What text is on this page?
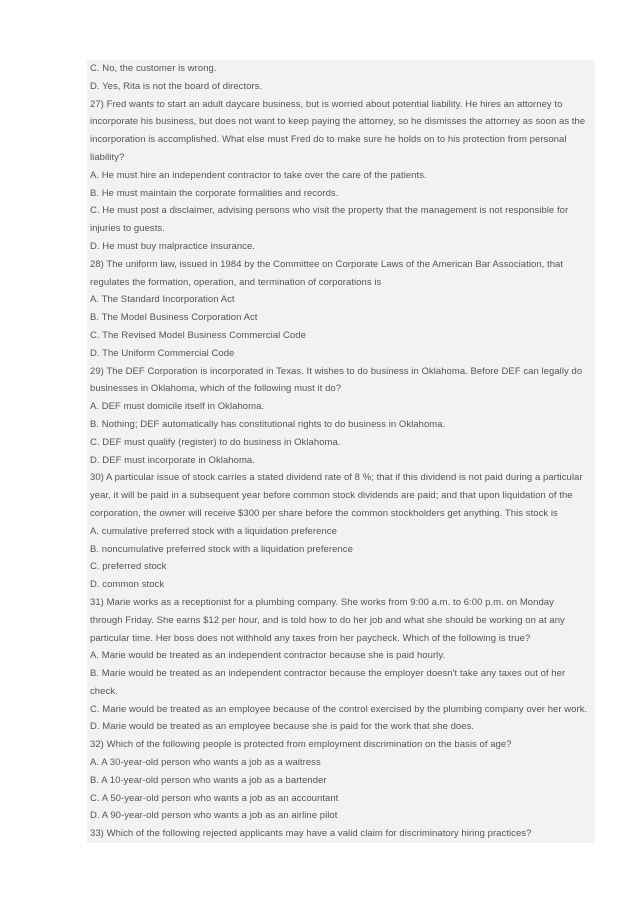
C. No, the customer is wrong.

D. Yes, Rita is not the board of directors.

27) Fred wants to start an adult daycare business, but is worried about potential liability. He hires an attorney to

incorporate his business, but does not want to keep paying the attorney, so he dismisses the attorney as soon as the

incorporation is accomplished. What else must Fred do to make sure he holds on to his protection from personal

liability?

A. He must hire an independent contractor to take over the care of the patients.

B. He must maintain the corporate formalities and records.

C. He must post a disclaimer, advising persons who visit the property that the management is not responsible for

injuries to guests.

D. He must buy malpractice insurance.

28) The uniform law, issued in 1984 by the Committee on Corporate Laws of the American Bar Association, that

regulates the formation, operation, and termination of corporations is

A. The Standard Incorporation Act

B. The Model Business Corporation Act

C. The Revised Model Business Commercial Code

D. The Uniform Commercial Code

29) The DEF Corporation is incorporated in Texas. It wishes to do business in Oklahoma. Before DEF can legally do

businesses in Oklahoma, which of the following must it do?

A. DEF must domicile itself in Oklahoma.

B. Nothing; DEF automatically has constitutional rights to do business in Oklahoma.

C. DEF must qualify (register) to do business in Oklahoma.

D. DEF must incorporate in Oklahoma.

30) A particular issue of stock carries a stated dividend rate of 8 %; that if this dividend is not paid during a particular

year, it will be paid in a subsequent year before common stock dividends are paid; and that upon liquidation of the

corporation, the owner will receive $300 per share before the common stockholders get anything. This stock is

A. cumulative preferred stock with a liquidation preference

B. noncumulative preferred stock with a liquidation preference

C. preferred stock

D. common stock

31) Marie works as a receptionist for a plumbing company. She works from 9:00 a.m. to 6:00 p.m. on Monday

through Friday. She earns $12 per hour, and is told how to do her job and what she should be working on at any

particular time. Her boss does not withhold any taxes from her paycheck. Which of the following is true?

A. Marie would be treated as an independent contractor because she is paid hourly.

B. Marie would be treated as an independent contractor because the employer doesn't take any taxes out of her

check.

C. Marie would be treated as an employee because of the control exercised by the plumbing company over her work.

D. Marie would be treated as an employee because she is paid for the work that she does.

32) Which of the following people is protected from employment discrimination on the basis of age?

A. A 30-year-old person who wants a job as a waitress

B. A 10-year-old person who wants a job as a bartender

C. A 50-year-old person who wants a job as an accountant

D. A 90-year-old person who wants a job as an airline pilot

33) Which of the following rejected applicants may have a valid claim for discriminatory hiring practices?
